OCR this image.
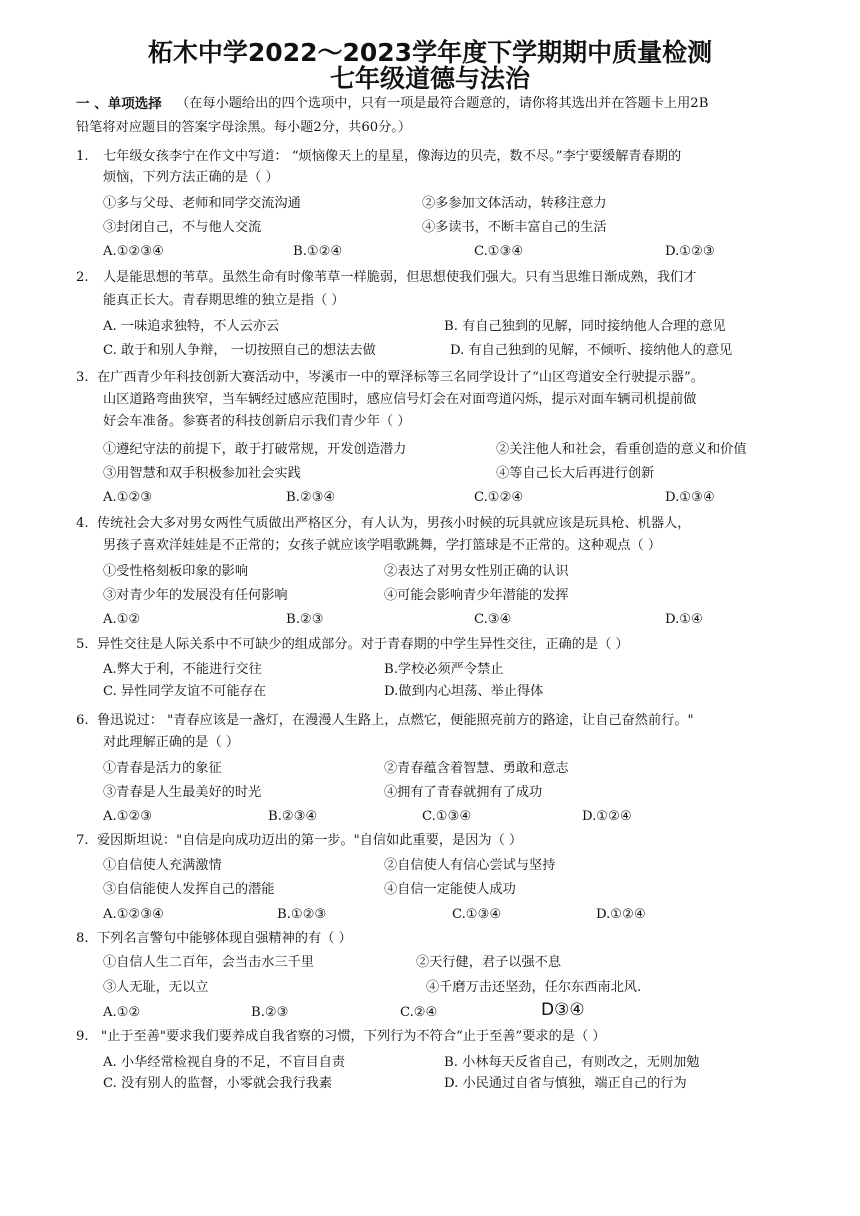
柘木中学2022～2023学年度下学期期中质量检测
七年级道德与法治
一 、单项选择 （在每小题给出的四个选项中，只有一项是最符合题意的，请你将其选出并在答题卡上用2B
铅笔将对应题目的答案字母涂黑。每小题2分，共60分。）
1. 七年级女孩李宁在作文中写道： “烦恼像天上的星星，像海边的贝壳，数不尽。”李宁要缓解青春期的
烦恼，下列方法正确的是（ ）
①多与父母、老师和同学交流沟通	②多参加文体活动，转移注意力
③封闭自己，不与他人交流	④多读书，不断丰富自己的生活
A.①②③④	B.①②④	C.①③④	D.①②③
2. 人是能思想的苇草。虽然生命有时像苇草一样脆弱，但思想使我们强大。只有当思维日渐成熟，我们才
能真正长大。青春期思维的独立是指（ ）
A. 一味追求独特，不人云亦云	B. 有自己独到的见解，同时接纳他人合理的意见
C. 敢于和别人争辩， 一切按照自己的想法去做	D. 有自己独到的见解，不倾听、接纳他人的意见
3. 在广西青少年科技创新大赛活动中，岑溪市一中的覃泽标等三名同学设计了“山区弯道安全行驶提示器”。
山区道路弯曲狭窄，当车辆经过感应范围时，感应信号灯会在对面弯道闪烁，提示对面车辆司机提前做
好会车准备。参赛者的科技创新启示我们青少年（ ）
①遵纪守法的前提下，敢于打破常规，开发创造潜力	②关注他人和社会，看重创造的意义和价值
③用智慧和双手积极参加社会实践	④等自己长大后再进行创新
A.①②③	B.②③④	C.①②④	D.①③④
4. 传统社会大多对男女两性气质做出严格区分，有人认为，男孩小时候的玩具就应该是玩具枪、机器人，
男孩子喜欢洋娃娃是不正常的；女孩子就应该学唱歌跳舞，学打篮球是不正常的。这种观点（ ）
①受性格刻板印象的影响	②表达了对男女性别正确的认识
③对青少年的发展没有任何影响	④可能会影响青少年潜能的发挥
A.①②	B.②③	C.③④	D.①④
5. 异性交往是人际关系中不可缺少的组成部分。对于青春期的中学生异性交往，正确的是（ ）
A.弊大于利，不能进行交往	B.学校必须严令禁止
C. 异性同学友谊不可能存在	D.做到内心坦荡、举止得体
6. 鲁迅说过： "青春应该是一盏灯，在漫漫人生路上，点燃它，便能照亮前方的路途，让自己奋然前行。"
对此理解正确的是（ ）
①青春是活力的象征	②青春蕴含着智慧、勇敢和意志
③青春是人生最美好的时光	④拥有了青春就拥有了成功
A.①②③	B.②③④	C.①③④	D.①②④
7. 爱因斯坦说："自信是向成功迈出的第一步。"自信如此重要，是因为（ ）
①自信使人充满激情	②自信使人有信心尝试与坚持
③自信能使人发挥自己的潜能	④自信一定能使人成功
A.①②③④	B.①②③	C.①③④	D.①②④
8. 下列名言警句中能够体现自强精神的有（ ）
①自信人生二百年，会当击水三千里	②天行健，君子以强不息
③人无耻，无以立	④千磨万击还坚劲，任尔东西南北风.
A.①②	B.②③	C.②④	D③④
9. "止于至善"要求我们要养成自我省察的习惯，下列行为不符合“止于至善”要求的是（ ）
A. 小华经常检视自身的不足，不盲目自责	B. 小林每天反省自己，有则改之，无则加勉
C. 没有别人的监督，小零就会我行我素	D. 小民通过自省与慎独，端正自己的行为
